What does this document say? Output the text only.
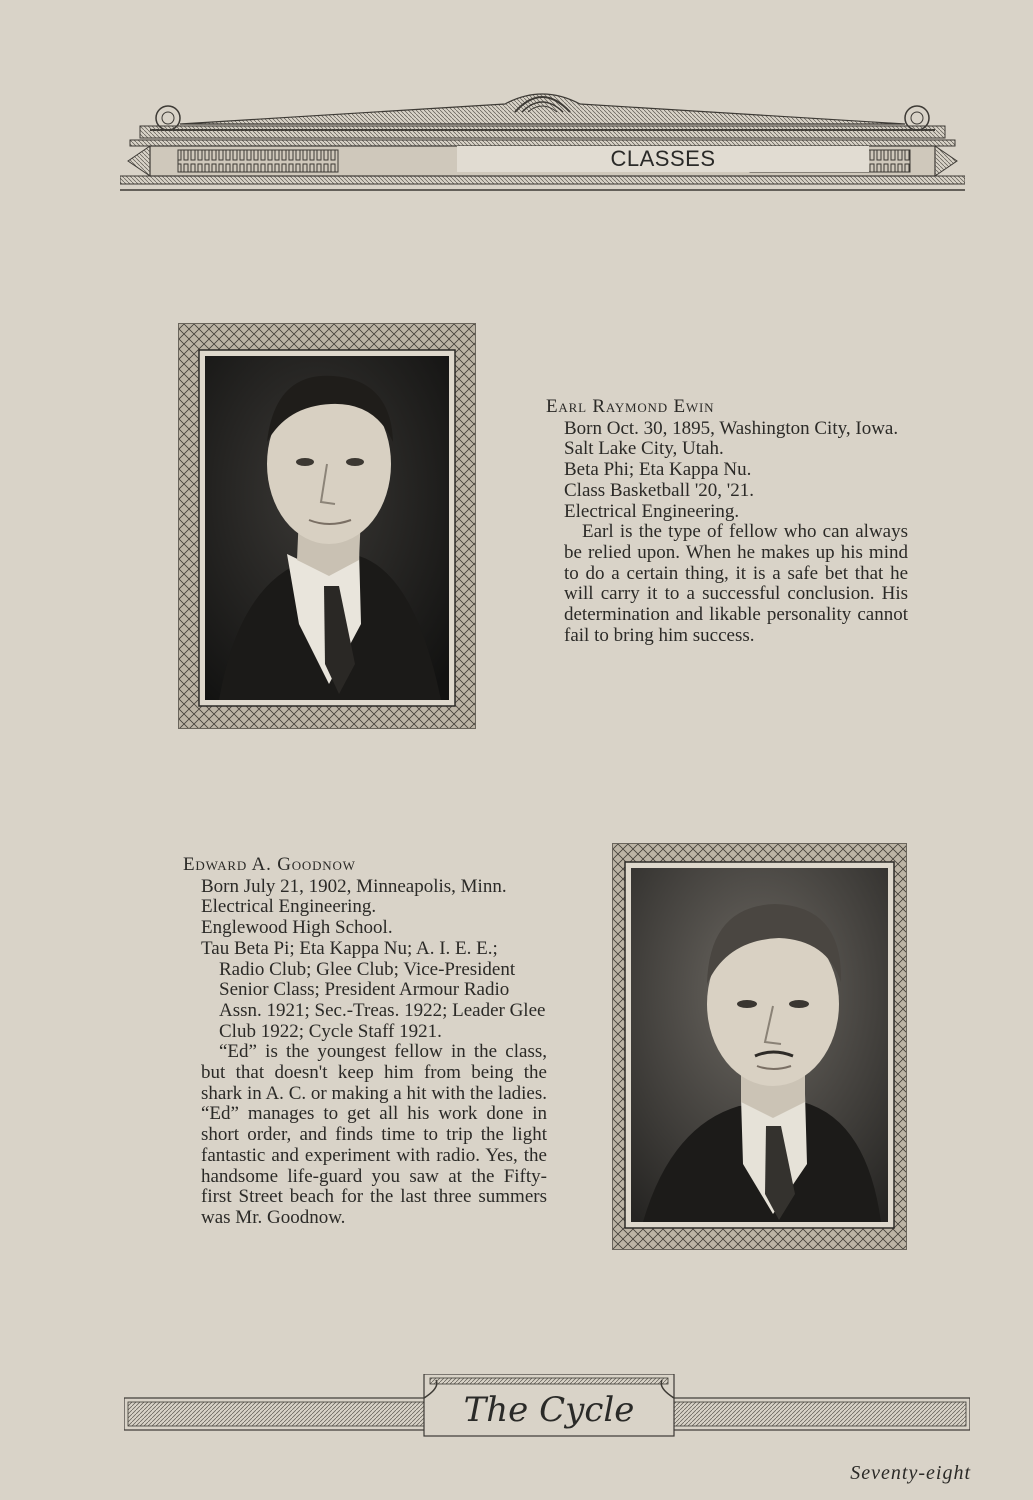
CLASSES

Earl Raymond Ewin

Born Oct. 30, 1895, Washington City, Iowa.

Salt Lake City, Utah.

Beta Phi; Eta Kappa Nu.

Class Basketball '20, '21.

Electrical Engineering.

Earl is the type of fellow who can always be relied upon. When he makes up his mind to do a certain thing, it is a safe bet that he will carry it to a successful conclusion. His determination and likable personality cannot fail to bring him success.

Edward A. Goodnow

Born July 21, 1902, Minneapolis, Minn.

Electrical Engineering.

Englewood High School.

Tau Beta Pi; Eta Kappa Nu; A. I. E. E.; Radio Club; Glee Club; Vice-President Senior Class; President Armour Radio Assn. 1921; Sec.-Treas. 1922; Leader Glee Club 1922; Cycle Staff 1921.

“Ed” is the youngest fellow in the class, but that doesn't keep him from being the shark in A. C. or making a hit with the ladies. “Ed” manages to get all his work done in short order, and finds time to trip the light fantastic and experiment with radio. Yes, the handsome life-guard you saw at the Fifty-first Street beach for the last three summers was Mr. Goodnow.

The Cycle
Seventy-eight
